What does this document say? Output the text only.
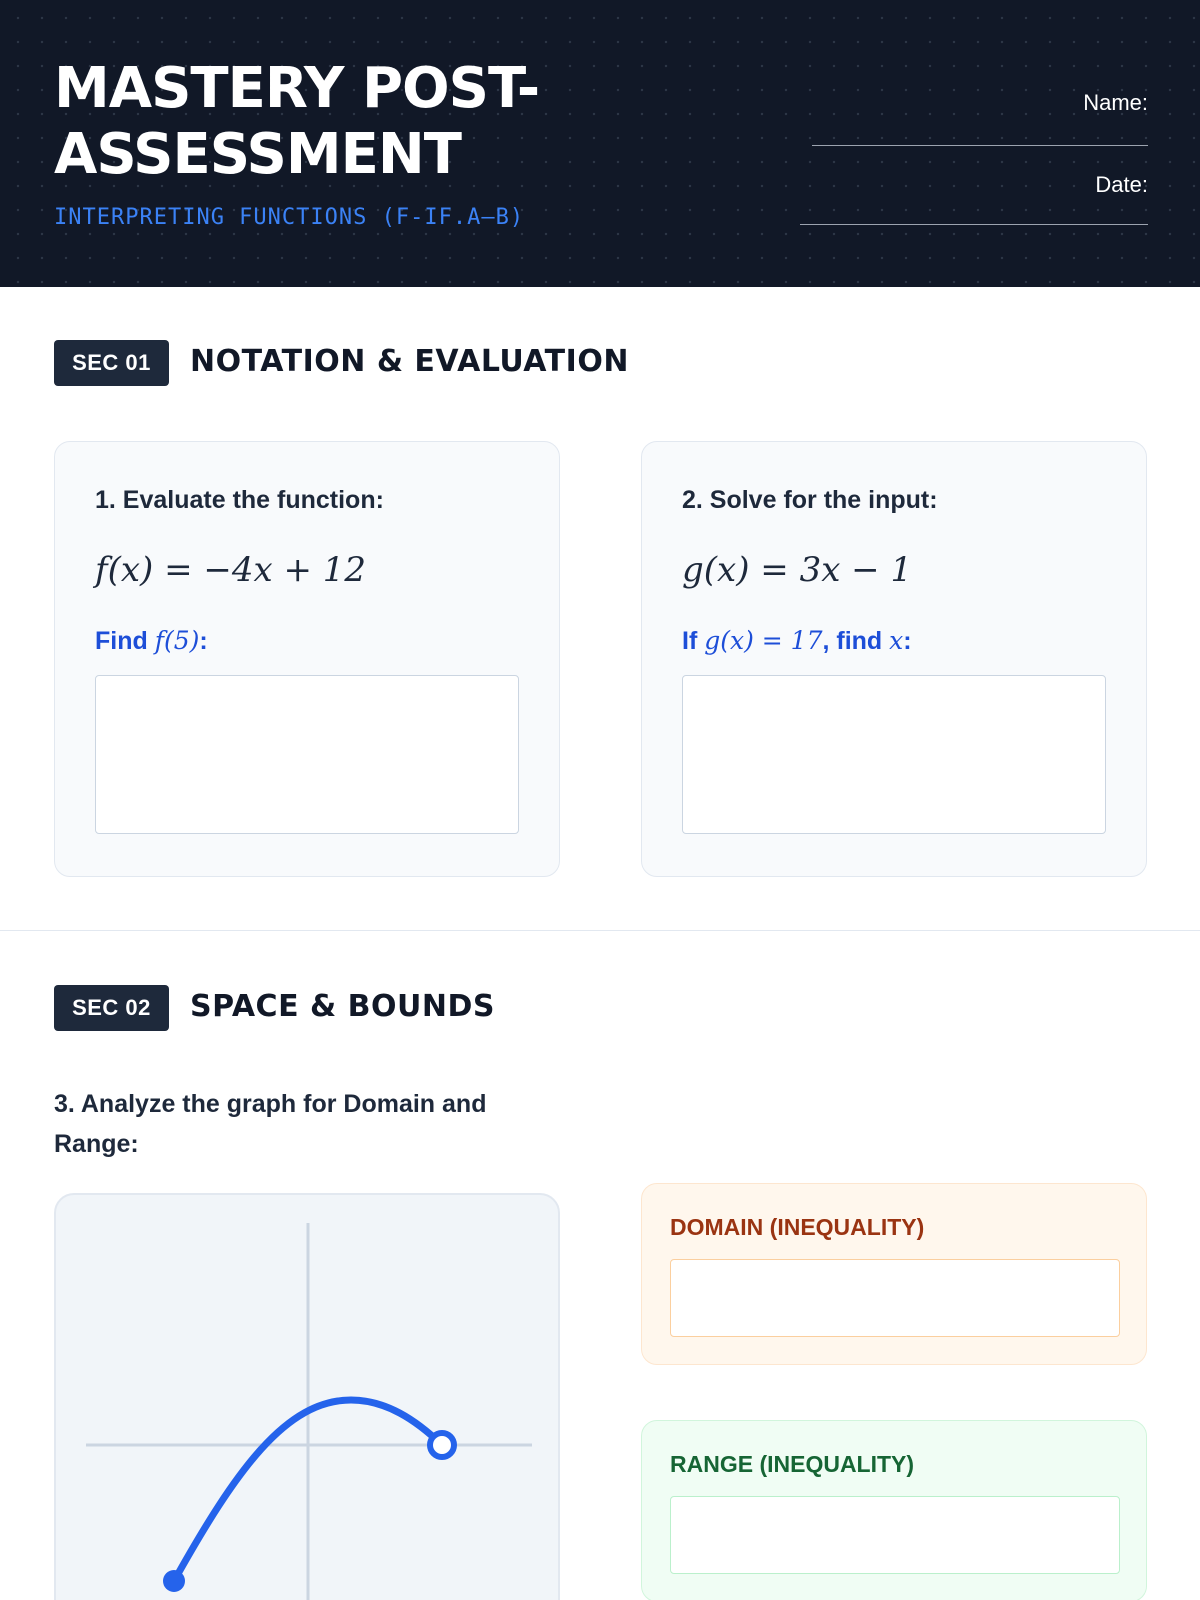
MASTERY POST-ASSESSMENT
INTERPRETING FUNCTIONS (F-IF.A–B)
Name:
Date:
SEC 01	NOTATION & EVALUATION
1. Evaluate the function:
f(x) = −4x + 12
Find f(5):
2. Solve for the input:
g(x) = 3x − 1
If g(x) = 17, find x:
SEC 02	SPACE & BOUNDS
3. Analyze the graph for Domain and Range:
DOMAIN (INEQUALITY)
RANGE (INEQUALITY)
